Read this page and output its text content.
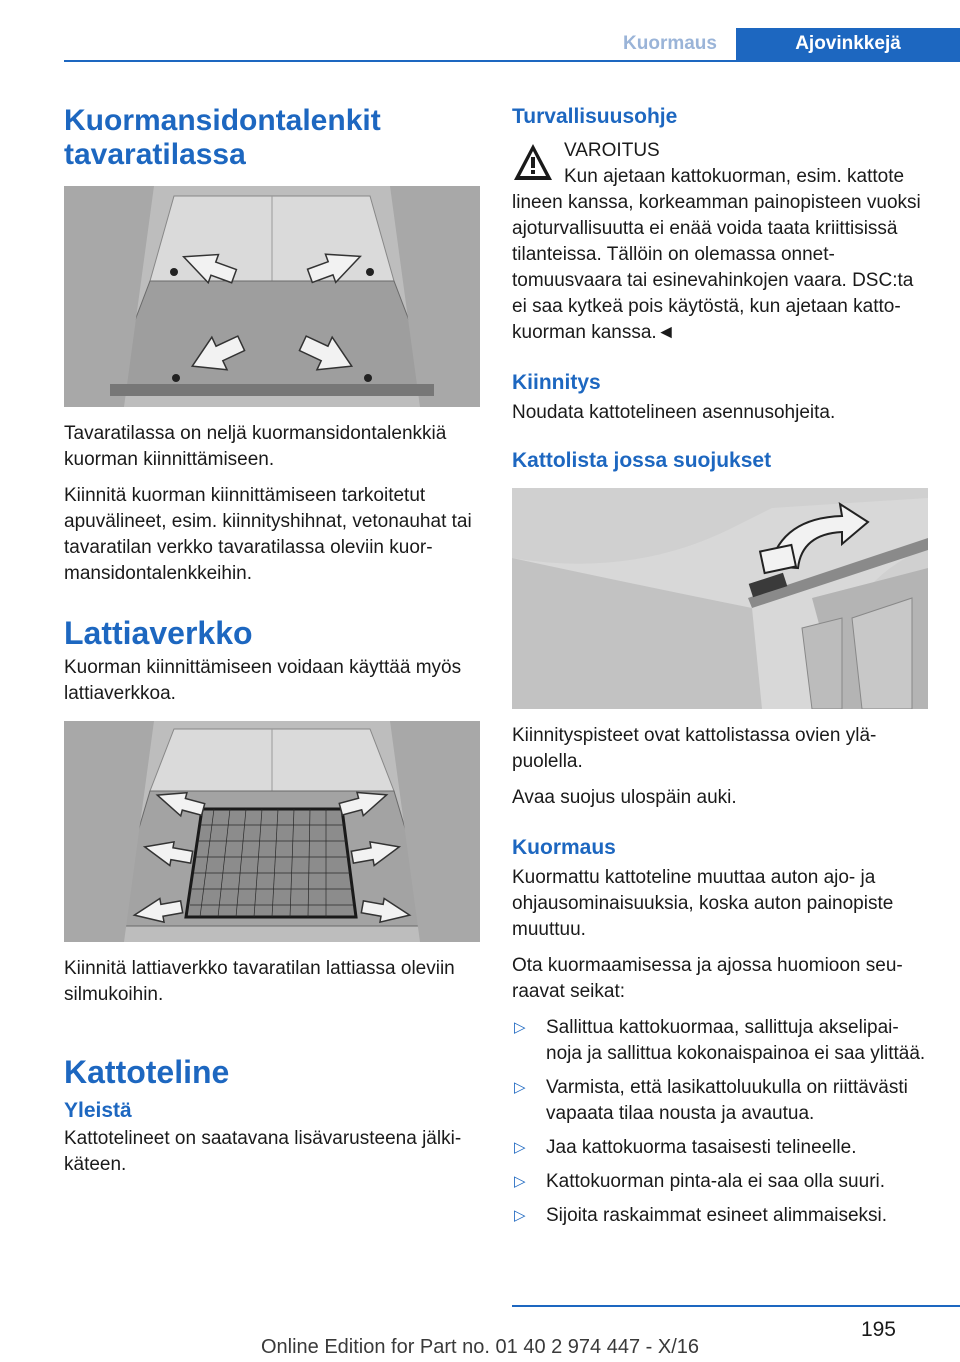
Kuormaus	Ajovinkkejä
Kuormansidontalenkit tavaratilassa
Tavaratilassa on neljä kuormansidontalenkkiä kuorman kiinnittämiseen.
Kiinnitä kuorman kiinnittämiseen tarkoitetut apuvälineet, esim. kiinnityshihnat, vetonauhat tai tavaratilan verkko tavaratilassa oleviin kuormansidontalenkkeihin.
Lattiaverkko
Kuorman kiinnittämiseen voidaan käyttää myös lattiaverkkoa.
Kiinnitä lattiaverkko tavaratilan lattiassa oleviin silmukoihin.
Kattoteline
Yleistä
Kattotelineet on saatavana lisävarusteena jälkikäteen.
Turvallisuusohje
VAROITUS
Kun ajetaan kattokuorman, esim. kattote
lineen kanssa, korkeamman painopisteen vuoksi ajoturvallisuutta ei enää voida taata kriittisissä tilanteissa. Tällöin on olemassa onnettomuusvaara tai esinevahinkojen vaara. DSC:ta ei saa kytkeä pois käytöstä, kun ajetaan kattokuorman kanssa.◄
Kiinnitys
Noudata kattotelineen asennusohjeita.
Kattolista jossa suojukset
Kiinnityspisteet ovat kattolistassa ovien yläpuolella.
Avaa suojus ulospäin auki.
Kuormaus
Kuormattu kattoteline muuttaa auton ajo- ja ohjausominaisuuksia, koska auton painopiste muuttuu.
Ota kuormaamisessa ja ajossa huomioon seuraavat seikat:
▷	Sallittua kattokuormaa, sallittuja akselipainoja ja sallittua kokonaispainoa ei saa ylittää.
▷	Varmista, että lasikattoluukulla on riittävästi vapaata tilaa nousta ja avautua.
▷	Jaa kattokuorma tasaisesti telineelle.
▷	Kattokuorman pinta-ala ei saa olla suuri.
▷	Sijoita raskaimmat esineet alimmaiseksi.
195
Online Edition for Part no. 01 40 2 974 447 - X/16
